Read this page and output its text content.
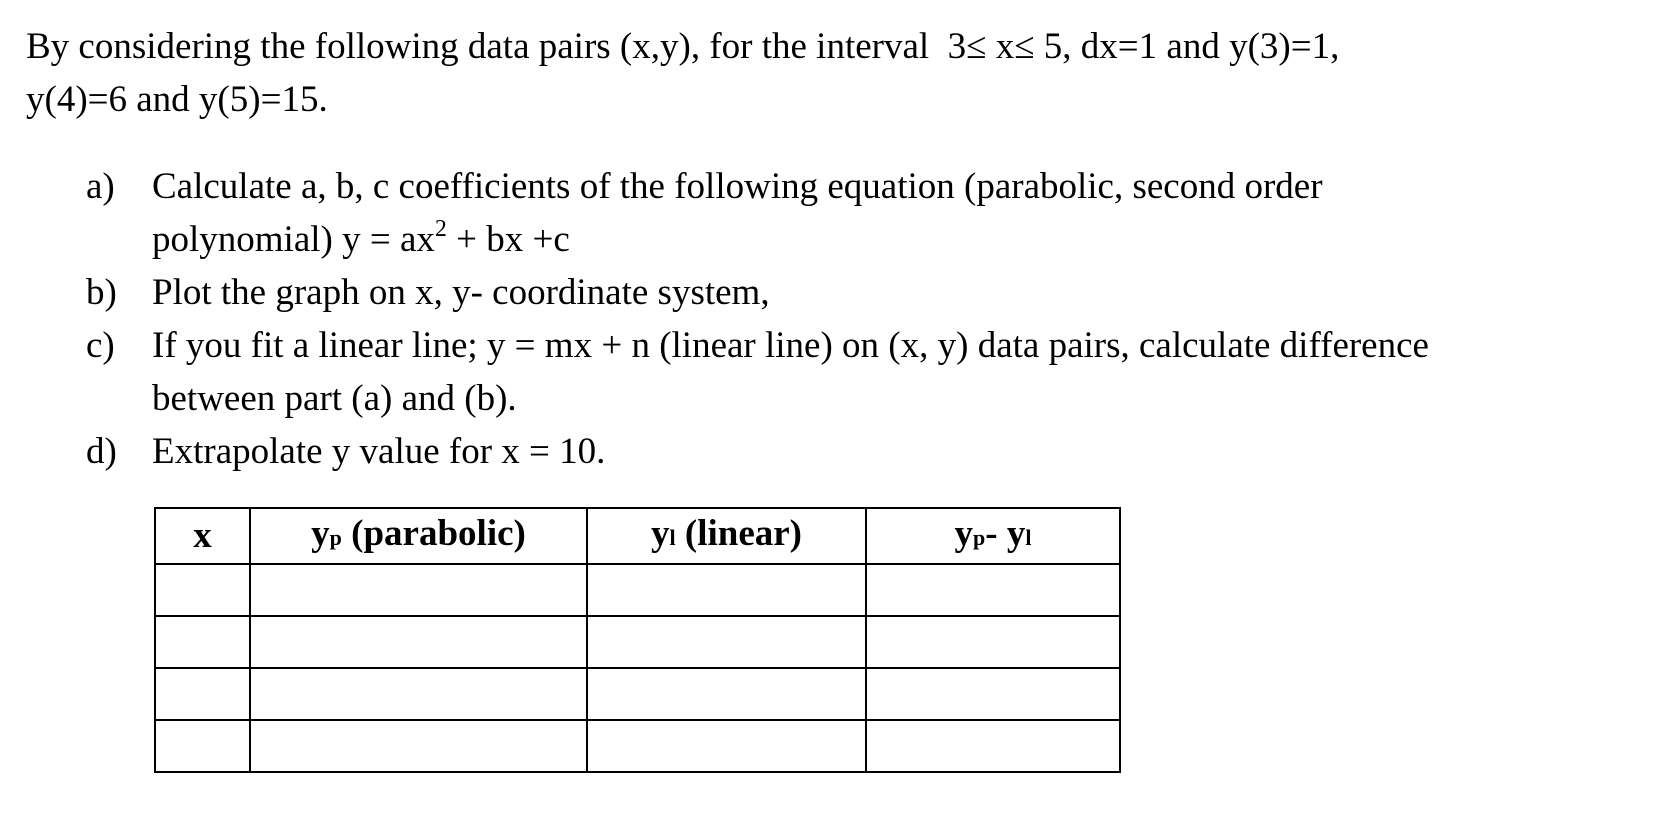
By considering the following data pairs (x,y), for the interval  3≤ x≤ 5, dx=1 and y(3)=1,
y(4)=6 and y(5)=15.
a)	Calculate a, b, c coefficients of the following equation (parabolic, second order
polynomial) $y = ax^2$ + bx +c
b) Plot the graph on x, y- coordinate system,
c)	If you fit a linear line; y = mx + n (linear line) on (x, y) data pairs, calculate difference
between part (a) and (b).
d) Extrapolate y value for x = 10.
x	yp (parabolic)	yl (linear)	yp- yl
